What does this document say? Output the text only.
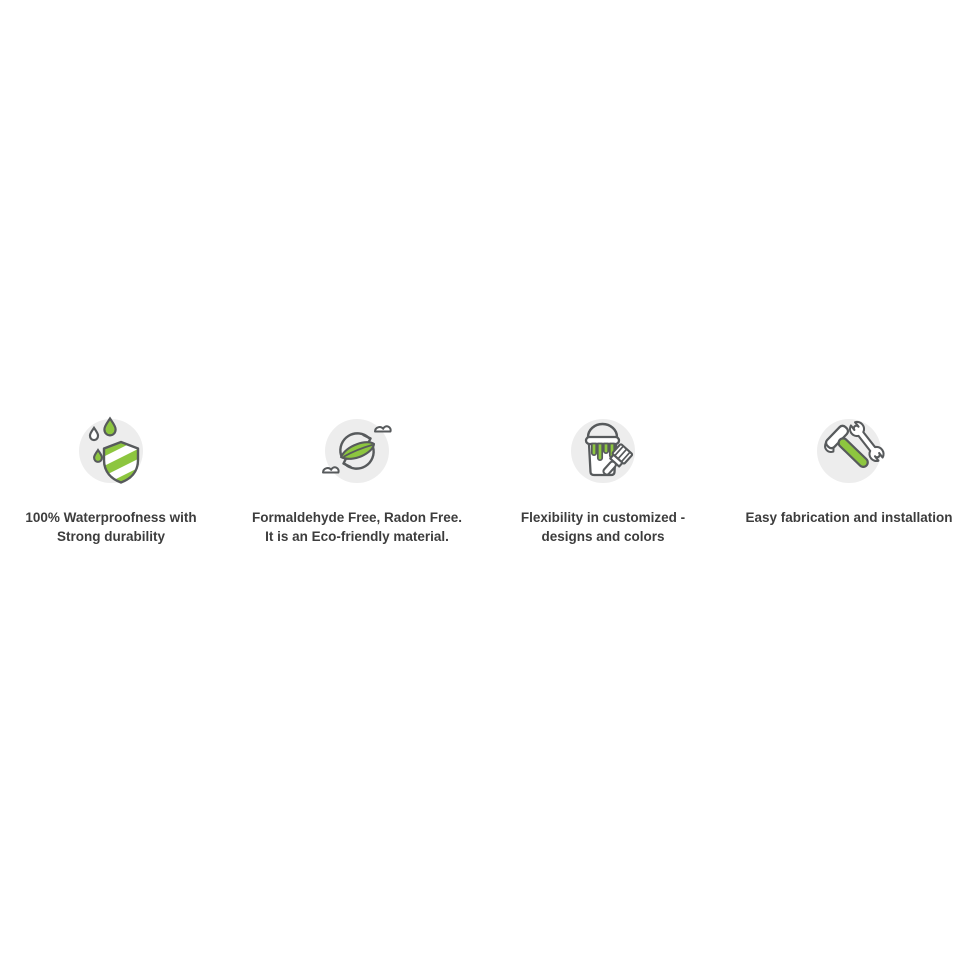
100% Waterproofness with
Strong durability
Formaldehyde Free, Radon Free.
It is an Eco-friendly material.
Flexibility in customized -
designs and colors
Easy fabrication and installation
